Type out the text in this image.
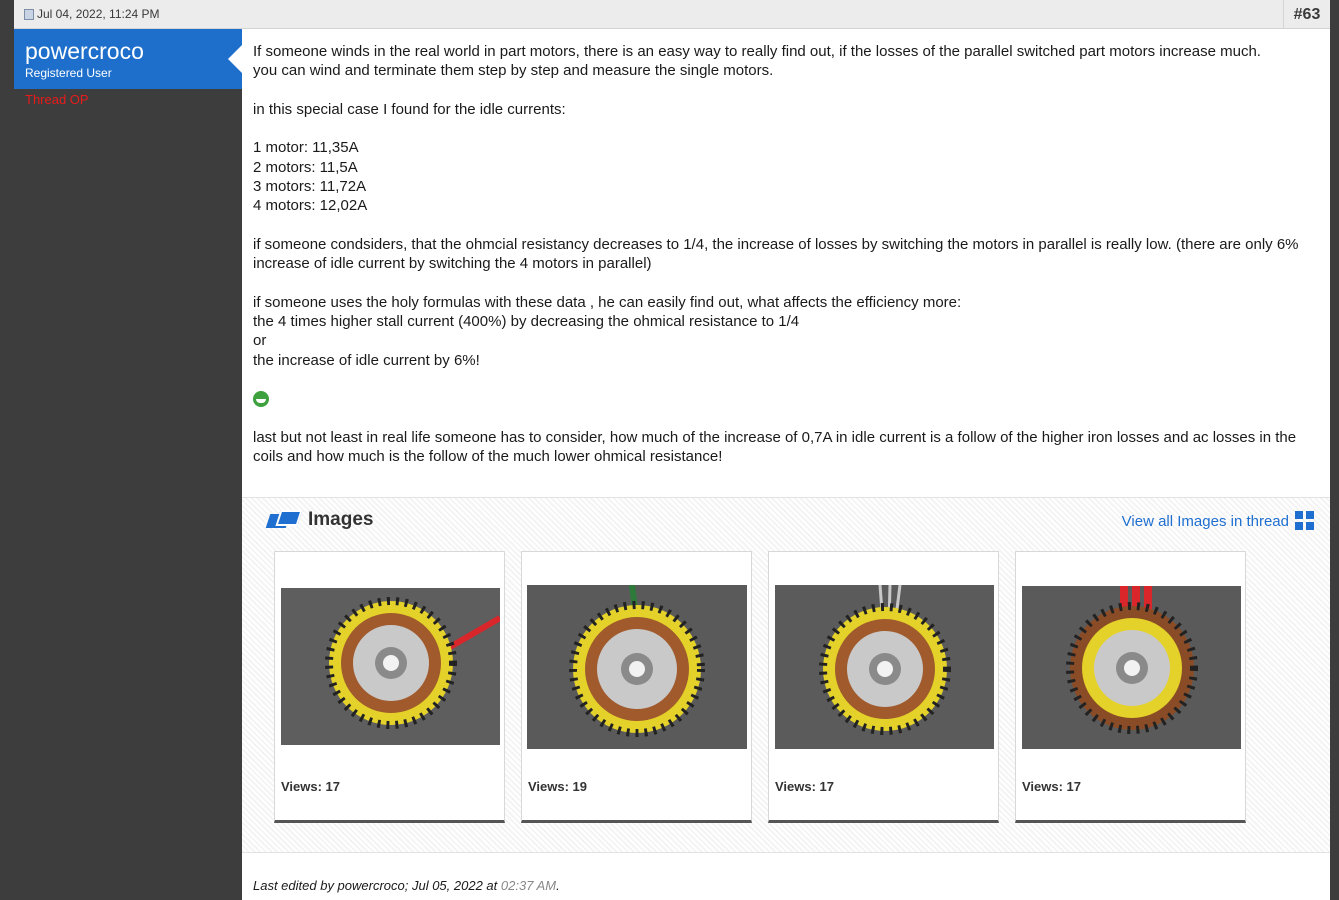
Jul 04, 2022, 11:24 PM	#63
powercroco
Registered User
Thread OP

If someone winds in the real world in part motors, there is an easy way to really find out, if the losses of the parallel switched part motors increase much.

you can wind and terminate them step by step and measure the single motors.

in this special case I found for the idle currents:

1 motor: 11,35A

2 motors: 11,5A

3 motors: 11,72A

4 motors: 12,02A

if someone condsiders, that the ohmcial resistancy decreases to 1/4, the increase of losses by switching the motors in parallel is really low. (there are only 6% increase of idle current by switching the 4 motors in parallel)

if someone uses the holy formulas with these data , he can easily find out, what affects the efficiency more:

the 4 times higher stall current (400%) by decreasing the ohmical resistance to 1/4

or

the increase of idle current by 6%!

last but not least in real life someone has to consider, how much of the increase of 0,7A in idle current is a follow of the higher iron losses and ac losses in the coils and how much is the follow of the much lower ohmical resistance!

Images	View all Images in thread
Views: 17	Views: 19	Views: 17	Views: 17
Last edited by powercroco; Jul 05, 2022 at 02:37 AM.
